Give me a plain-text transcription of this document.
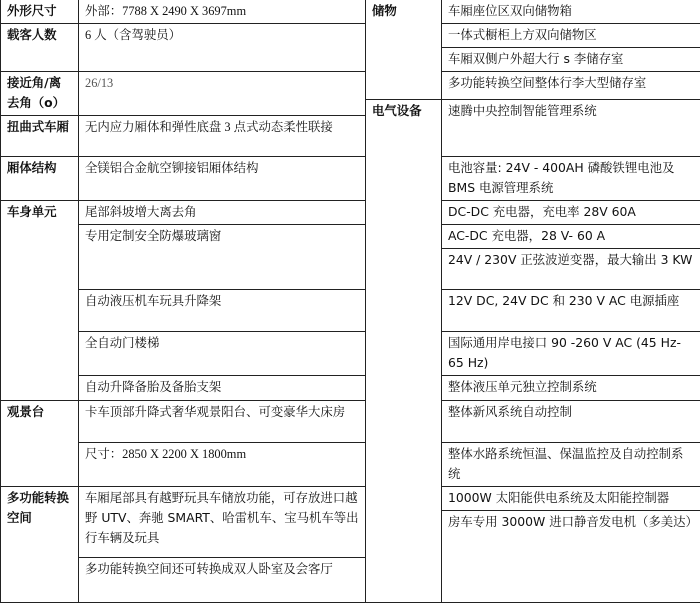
外形尺寸	外部：7788 X 2490 X 3697mm	储物	车厢座位区双向储物箱
载客人数	6 人（含驾驶员）		一体式橱柜上方双向储物区
			车厢双侧户外超大行 s 李储存室
接近角/离去角（o）	26/13		多功能转换空间整体行李大型储存室
		电气设备	速腾中央控制智能管理系统
扭曲式车厢	无内应力厢体和弹性底盘 3 点式动态柔性联接		
厢体结构	全镁铝合金航空铆接铝厢体结构		电池容量: 24V - 400AH 磷酸铁锂电池及 BMS 电源管理系统
车身单元	尾部斜坡增大离去角		DC-DC 充电器，充电率 28V 60A
	专用定制安全防爆玻璃窗		AC-DC 充电器，28 V- 60 A
			24V / 230V 正弦波逆变器，最大输出 3 KW
	自动液压机车玩具升降架		12V DC, 24V DC 和 230 V AC 电源插座
	全自动门楼梯		国际通用岸电接口 90 -260 V AC (45 Hz-65 Hz)
	自动升降备胎及备胎支架		整体液压单元独立控制系统
观景台	卡车顶部升降式奢华观景阳台、可变豪华大床房		整体新风系统自动控制
	尺寸：2850 X 2200 X 1800mm		整体水路系统恒温、保温监控及自动控制系统
多功能转换空间	车厢尾部具有越野玩具车储放功能，可存放进口越野 UTV、奔驰 SMART、哈雷机车、宝马机车等出行车辆及玩具		1000W 太阳能供电系统及太阳能控制器
			房车专用 3000W 进口静音发电机（多美达）
	多功能转换空间还可转换成双人卧室及会客厅		
